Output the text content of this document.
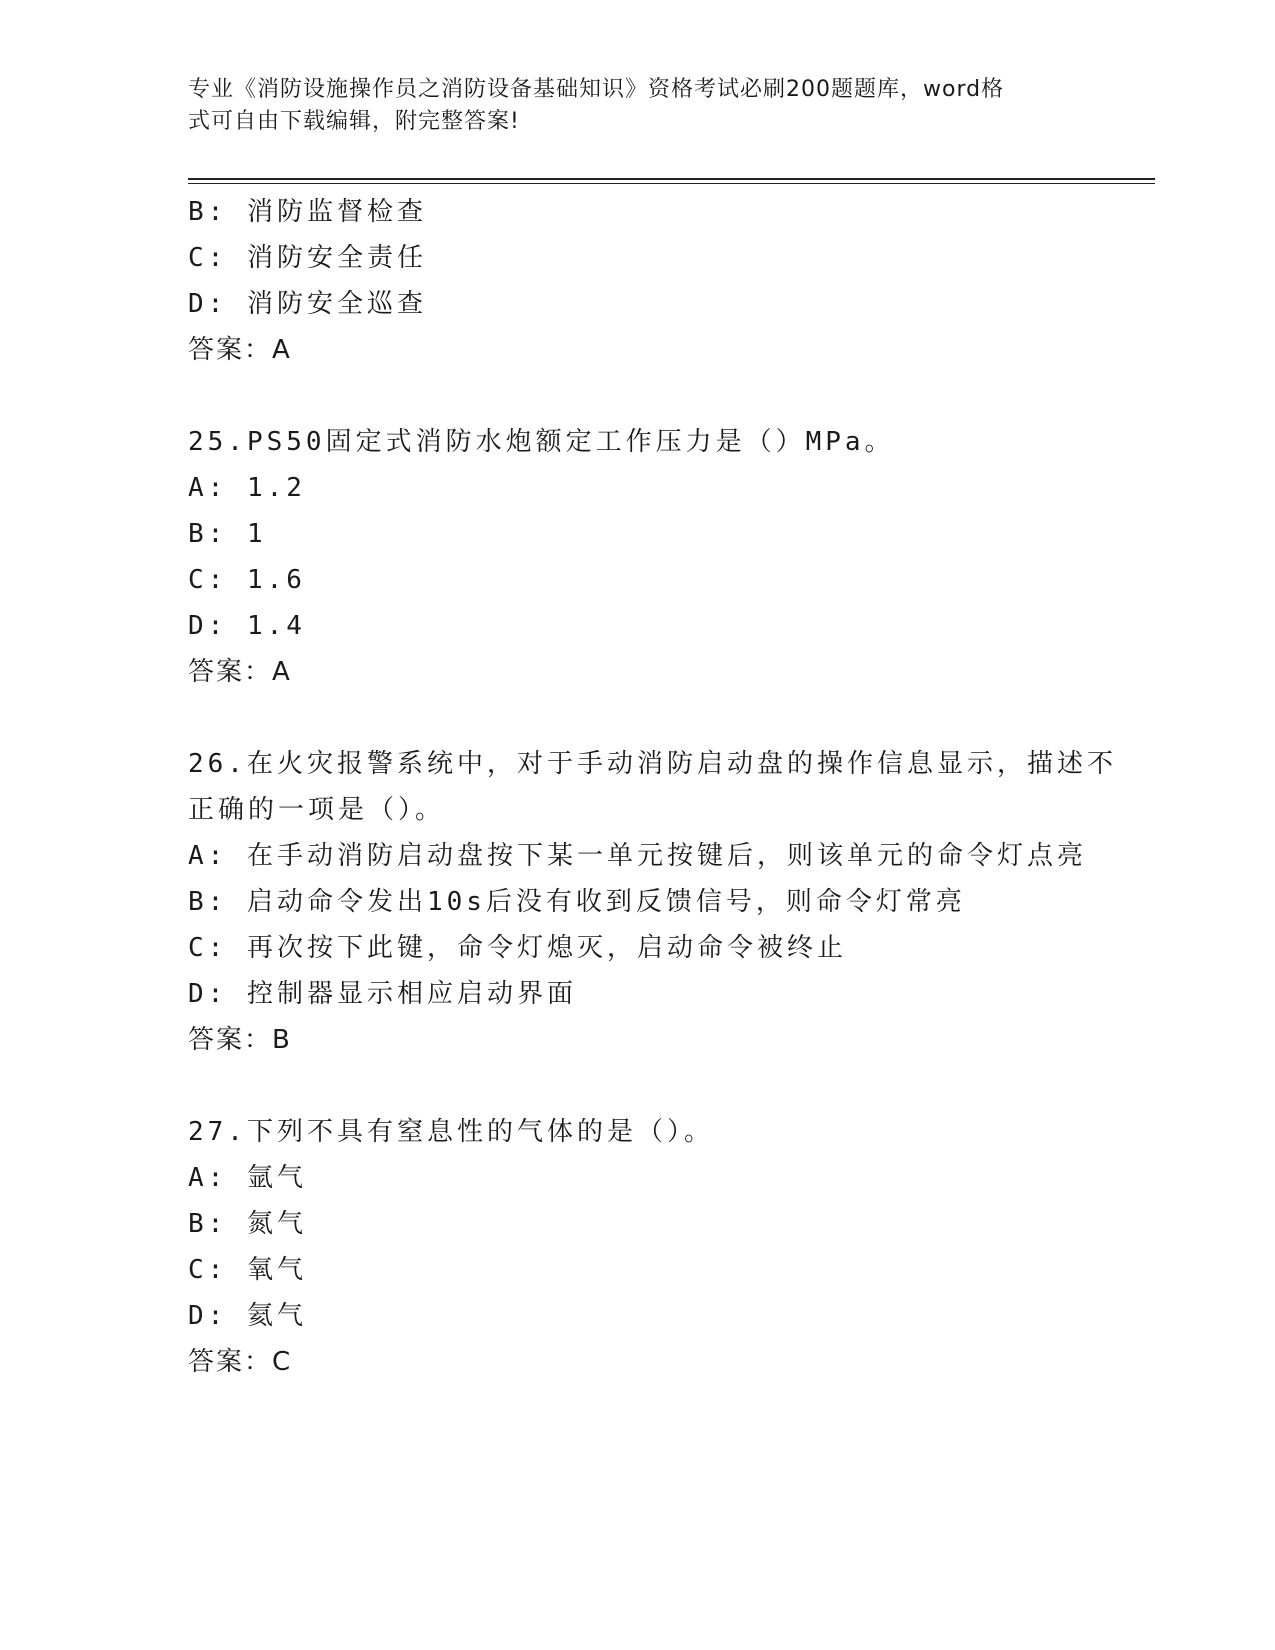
专业《消防设施操作员之消防设备基础知识》资格考试必刷200题题库，word格
式可自由下载编辑，附完整答案!
B: 消防监督检查
C: 消防安全责任
D: 消防安全巡查
答案：A
25.PS50固定式消防水炮额定工作压力是（）MPa。
A: 1.2
B: 1
C: 1.6
D: 1.4
答案：A
26.在火灾报警系统中，对于手动消防启动盘的操作信息显示，描述不
正确的一项是（）。
A: 在手动消防启动盘按下某一单元按键后，则该单元的命令灯点亮
B: 启动命令发出10s后没有收到反馈信号，则命令灯常亮
C: 再次按下此键，命令灯熄灭，启动命令被终止
D: 控制器显示相应启动界面
答案：B
27.下列不具有窒息性的气体的是（）。
A: 氩气
B: 氮气
C: 氧气
D: 氦气
答案：C
